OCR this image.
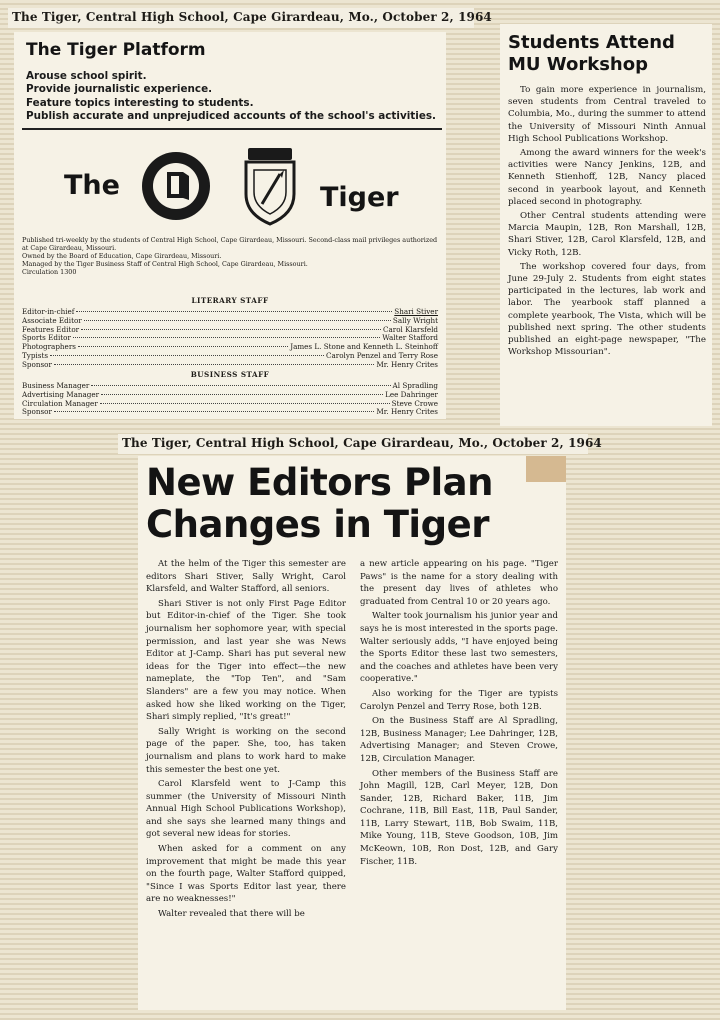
The Tiger, Central High School, Cape Girardeau, Mo., October 2, 1964
The Tiger Platform
Arouse school spirit.
Provide journalistic experience.
Feature topics interesting to students.
Publish accurate and unprejudiced accounts of the school's activities.
The	Tiger
Published tri-weekly by the students of Central High School, Cape Girardeau, Missouri. Second-class mail privileges authorized at Cape Girardeau, Missouri.
Owned by the Board of Education, Cape Girardeau, Missouri.
Managed by the Tiger Business Staff of Central High School, Cape Girardeau, Missouri.
Circulation 1300
LITERARY STAFF
Editor-in-chief	Shari Stiver
Associate Editor	Sally Wright
Features Editor	Carol Klarsfeld
Sports Editor	Walter Stafford
Photographers	James L. Stone and Kenneth L. Steinhoff
Typists	Carolyn Penzel and Terry Rose
Sponsor	Mr. Henry Crites
BUSINESS STAFF
Business Manager	Al Spradling
Advertising Manager	Lee Dahringer
Circulation Manager	Steve Crowe
Sponsor	Mr. Henry Crites
Students Attend MU Workshop

To gain more experience in journalism, seven students from Central traveled to Columbia, Mo., during the summer to attend the University of Missouri Ninth Annual High School Publications Workshop.

Among the award winners for the week's activities were Nancy Jenkins, 12B, and Kenneth Stienhoff, 12B, Nancy placed second in yearbook layout, and Kenneth placed second in photography.

Other Central students attending were Marcia Maupin, 12B, Ron Marshall, 12B, Shari Stiver, 12B, Carol Klarsfeld, 12B, and Vicky Roth, 12B.

The workshop covered four days, from June 29-July 2. Students from eight states participated in the lectures, lab work and labor. The yearbook staff planned a complete yearbook, The Vista, which will be published next spring. The other students published an eight-page newspaper, "The Workshop Missourian".

The Tiger, Central High School, Cape Girardeau, Mo., October 2, 1964
New Editors Plan
Changes in Tiger

At the helm of the Tiger this semester are editors Shari Stiver, Sally Wright, Carol Klarsfeld, and Walter Stafford, all seniors.

Shari Stiver is not only First Page Editor but Editor-in-chief of the Tiger. She took journalism her sophomore year, with special permission, and last year she was News Editor at J-Camp. Shari has put several new ideas for the Tiger into effect—the new nameplate, the "Top Ten", and "Sam Slanders" are a few you may notice. When asked how she liked working on the Tiger, Shari simply replied, "It's great!"

Sally Wright is working on the second page of the paper. She, too, has taken journalism and plans to work hard to make this semester the best one yet.

Carol Klarsfeld went to J-Camp this summer (the University of Missouri Ninth Annual High School Publications Workshop), and she says she learned many things and got several new ideas for stories.

When asked for a comment on any improvement that might be made this year on the fourth page, Walter Stafford quipped, "Since I was Sports Editor last year, there are no weaknesses!"

Walter revealed that there will be

a new article appearing on his page. "Tiger Paws" is the name for a story dealing with the present day lives of athletes who graduated from Central 10 or 20 years ago.

Walter took journalism his junior year and says he is most interested in the sports page. Walter seriously adds, "I have enjoyed being the Sports Editor these last two semesters, and the coaches and athletes have been very cooperative."

Also working for the Tiger are typists Carolyn Penzel and Terry Rose, both 12B.

On the Business Staff are Al Spradling, 12B, Business Manager; Lee Dahringer, 12B, Advertising Manager; and Steven Crowe, 12B, Circulation Manager.

Other members of the Business Staff are John Magill, 12B, Carl Meyer, 12B, Don Sander, 12B, Richard Baker, 11B, Jim Cochrane, 11B, Bill East, 11B, Paul Sander, 11B, Larry Stewart, 11B, Bob Swaim, 11B, Mike Young, 11B, Steve Goodson, 10B, Jim McKeown, 10B, Ron Dost, 12B, and Gary Fischer, 11B.
